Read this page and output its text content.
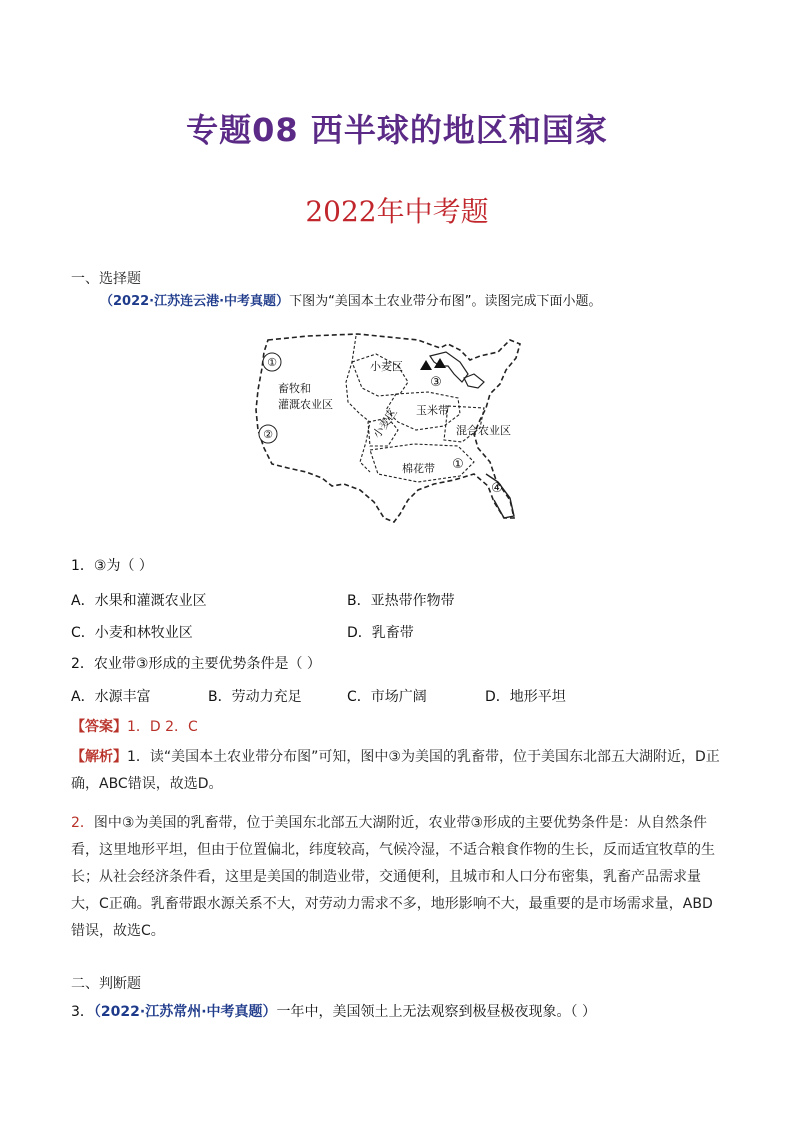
专题08 西半球的地区和国家
2022年中考题
一、选择题
（2022·江苏连云港·中考真题）下图为“美国本土农业带分布图”。读图完成下面小题。
①
②
③
④
①
畜牧和
灌溉农业区
小麦区
玉米带
混合农业区
小麦区
棉花带
1．③为（ ）
A．水果和灌溉农业区	B．亚热带作物带
C．小麦和林牧业区	D．乳畜带
2．农业带③形成的主要优势条件是（ ）
A．水源丰富	B．劳动力充足	C．市场广阔	D．地形平坦
【答案】1．D 2．C
【解析】1．读“美国本土农业带分布图”可知，图中③为美国的乳畜带，位于美国东北部五大湖附近，D正确，ABC错误，故选D。
2．图中③为美国的乳畜带，位于美国东北部五大湖附近，农业带③形成的主要优势条件是：从自然条件看，这里地形平坦，但由于位置偏北，纬度较高，气候冷湿，不适合粮食作物的生长，反而适宜牧草的生长；从社会经济条件看，这里是美国的制造业带，交通便利，且城市和人口分布密集，乳畜产品需求量大，C正确。乳畜带跟水源关系不大，对劳动力需求不多，地形影响不大，最重要的是市场需求量，ABD错误，故选C。
二、判断题
3．（2022·江苏常州·中考真题）一年中，美国领土上无法观察到极昼极夜现象。（ ）
